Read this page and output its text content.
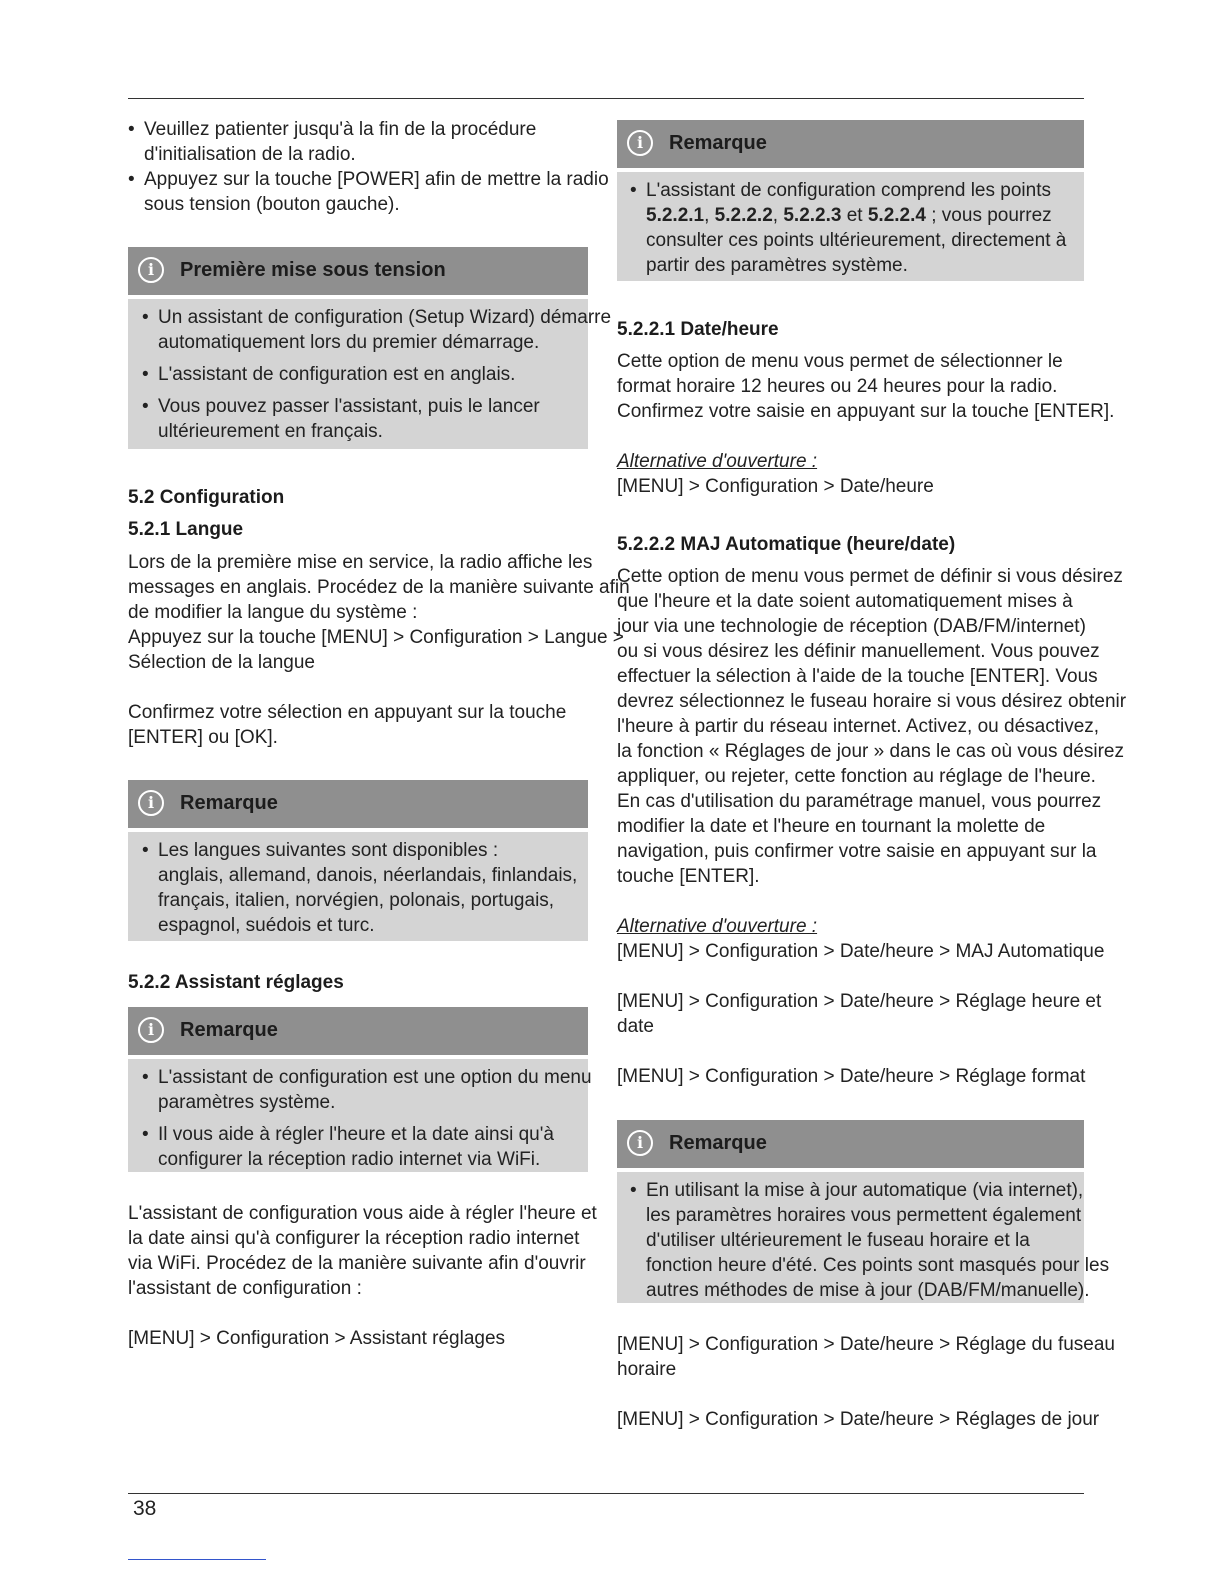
• Veuillez patienter jusqu'à la fin de la procédure

d'initialisation de la radio.

• Appuyez sur la touche [POWER] afin de mettre la radio

sous tension (bouton gauche).

i	Première mise sous tension

• Un assistant de configuration (Setup Wizard) démarre

automatiquement lors du premier démarrage.

• L'assistant de configuration est en anglais.

• Vous pouvez passer l'assistant, puis le lancer

ultérieurement en français.

5.2 Configuration

5.2.1 Langue

Lors de la première mise en service, la radio affiche les

messages en anglais. Procédez de la manière suivante afin

de modifier la langue du système :

Appuyez sur la touche [MENU] > Configuration > Langue >

Sélection de la langue

Confirmez votre sélection en appuyant sur la touche

[ENTER] ou [OK].

i	Remarque

• Les langues suivantes sont disponibles :

anglais, allemand, danois, néerlandais, finlandais,

français, italien, norvégien, polonais, portugais,

espagnol, suédois et turc.

5.2.2 Assistant réglages

i	Remarque

• L'assistant de configuration est une option du menu

paramètres système.

• Il vous aide à régler l'heure et la date ainsi qu'à

configurer la réception radio internet via WiFi.

L'assistant de configuration vous aide à régler l'heure et

la date ainsi qu'à configurer la réception radio internet

via WiFi. Procédez de la manière suivante afin d'ouvrir

l'assistant de configuration :

[MENU] > Configuration > Assistant réglages

i	Remarque

• L'assistant de configuration comprend les points

5.2.2.1, 5.2.2.2, 5.2.2.3 et 5.2.2.4 ; vous pourrez

consulter ces points ultérieurement, directement à

partir des paramètres système.

5.2.2.1 Date/heure

Cette option de menu vous permet de sélectionner le

format horaire 12 heures ou 24 heures pour la radio.

Confirmez votre saisie en appuyant sur la touche [ENTER].

Alternative d'ouverture :

[MENU] > Configuration > Date/heure

5.2.2.2 MAJ Automatique (heure/date)

Cette option de menu vous permet de définir si vous désirez

que l'heure et la date soient automatiquement mises à

jour via une technologie de réception (DAB/FM/internet)

ou si vous désirez les définir manuellement. Vous pouvez

effectuer la sélection à l'aide de la touche [ENTER]. Vous

devrez sélectionnez le fuseau horaire si vous désirez obtenir

l'heure à partir du réseau internet. Activez, ou désactivez,

la fonction « Réglages de jour » dans le cas où vous désirez

appliquer, ou rejeter, cette fonction au réglage de l'heure.

En cas d'utilisation du paramétrage manuel, vous pourrez

modifier la date et l'heure en tournant la molette de

navigation, puis confirmer votre saisie en appuyant sur la

touche [ENTER].

Alternative d'ouverture :

[MENU] > Configuration > Date/heure > MAJ Automatique

[MENU] > Configuration > Date/heure > Réglage heure et

date

[MENU] > Configuration > Date/heure > Réglage format

i	Remarque

• En utilisant la mise à jour automatique (via internet),

les paramètres horaires vous permettent également

d'utiliser ultérieurement le fuseau horaire et la

fonction heure d'été. Ces points sont masqués pour les

autres méthodes de mise à jour (DAB/FM/manuelle).

[MENU] > Configuration > Date/heure > Réglage du fuseau

horaire

[MENU] > Configuration > Date/heure > Réglages de jour

38
